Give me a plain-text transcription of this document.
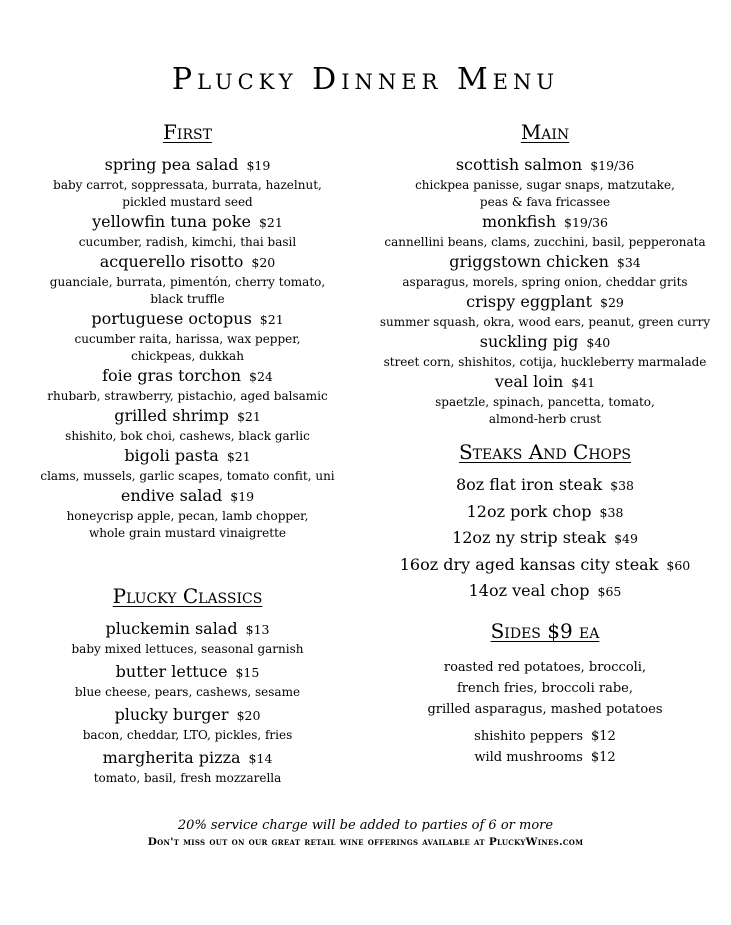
Plucky Dinner Menu
First
spring pea salad $19
baby carrot, soppressata, burrata, hazelnut,
pickled mustard seed
yellowfin tuna poke $21
cucumber, radish, kimchi, thai basil
acquerello risotto $20
guanciale, burrata, pimentón, cherry tomato,
black truffle
portuguese octopus $21
cucumber raita, harissa, wax pepper,
chickpeas, dukkah
foie gras torchon $24
rhubarb, strawberry, pistachio, aged balsamic
grilled shrimp $21
shishito, bok choi, cashews, black garlic
bigoli pasta $21
clams, mussels, garlic scapes, tomato confit, uni
endive salad $19
honeycrisp apple, pecan, lamb chopper,
whole grain mustard vinaigrette
Plucky Classics
pluckemin salad $13
baby mixed lettuces, seasonal garnish
butter lettuce $15
blue cheese, pears, cashews, sesame
plucky burger $20
bacon, cheddar, LTO, pickles, fries
margherita pizza $14
tomato, basil, fresh mozzarella
Main
scottish salmon $19/36
chickpea panisse, sugar snaps, matzutake,
peas & fava fricassee
monkfish $19/36
cannellini beans, clams, zucchini, basil, pepperonata
griggstown chicken $34
asparagus, morels, spring onion, cheddar grits
crispy eggplant $29
summer squash, okra, wood ears, peanut, green curry
suckling pig $40
street corn, shishitos, cotija, huckleberry marmalade
veal loin $41
spaetzle, spinach, pancetta, tomato,
almond-herb crust
Steaks And Chops
8oz flat iron steak $38
12oz pork chop $38
12oz ny strip steak $49
16oz dry aged kansas city steak $60
14oz veal chop $65
Sides $9 ea
roasted red potatoes, broccoli,
french fries, broccoli rabe,
grilled asparagus, mashed potatoes
shishito peppers $12
wild mushrooms $12
20% service charge will be added to parties of 6 or more
Don't miss out on our great retail wine offerings available at PluckyWines.com
